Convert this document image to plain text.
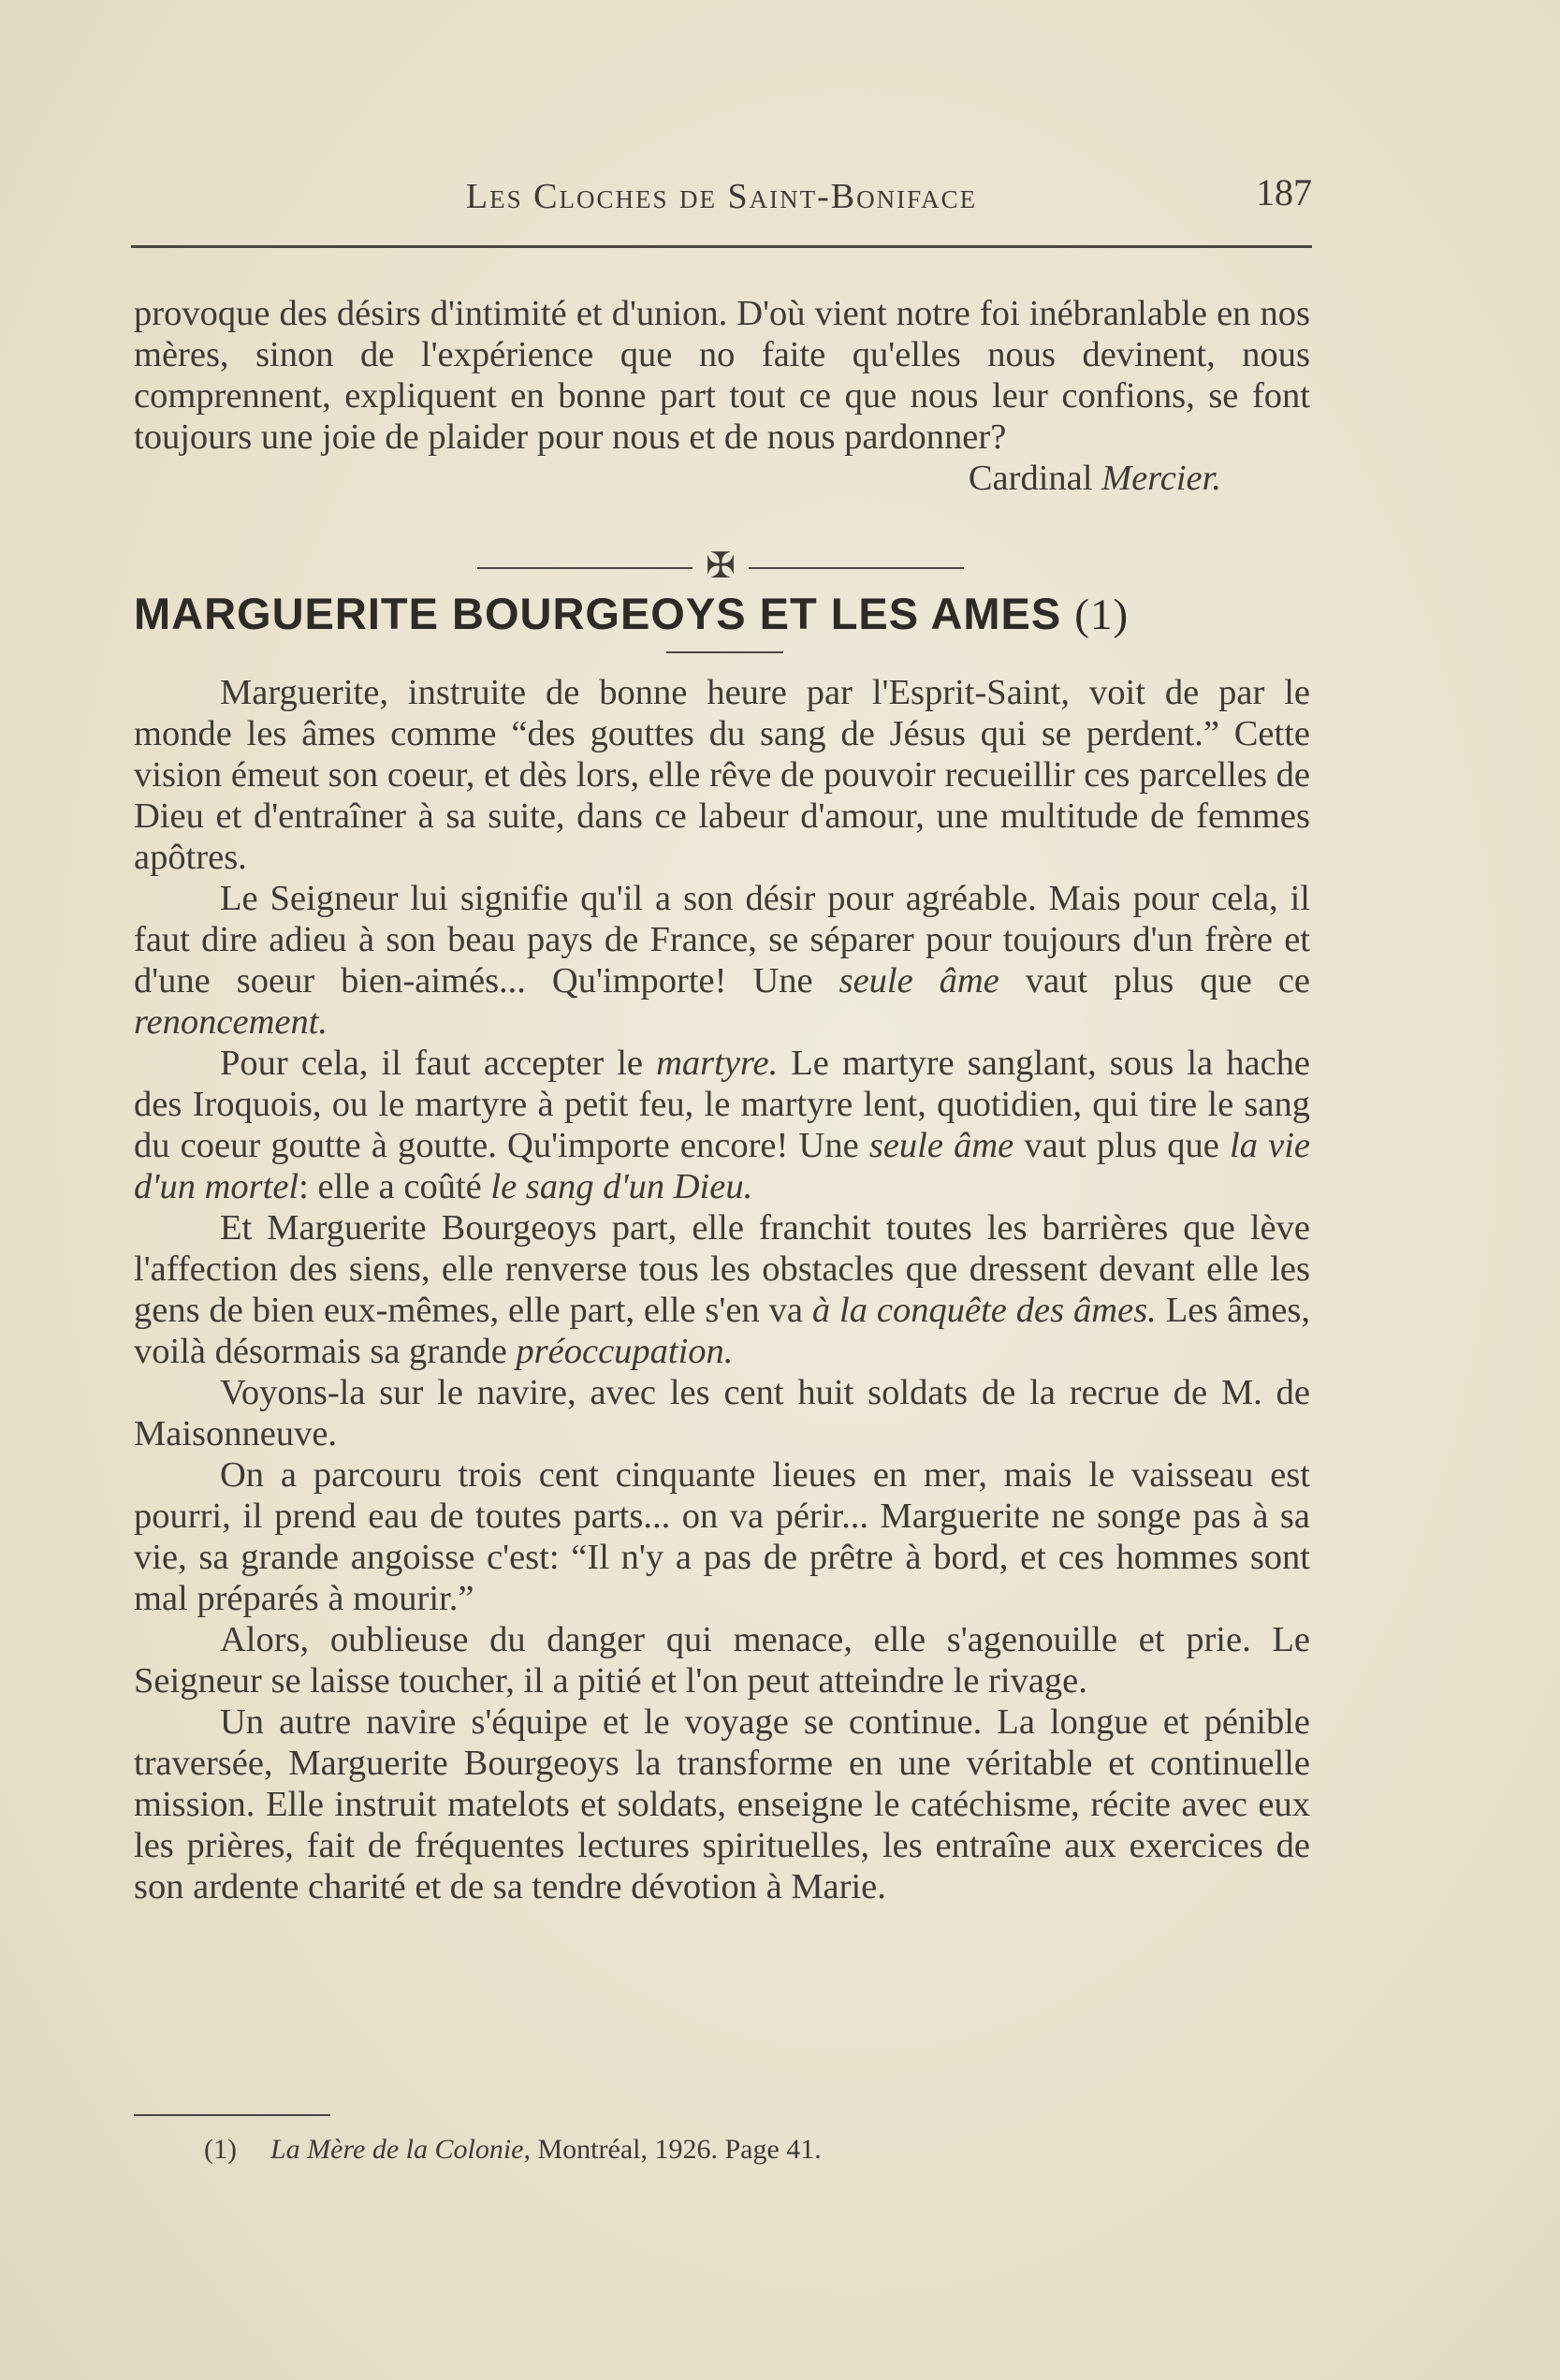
Les Cloches de Saint-Boniface	187

provoque des désirs d'intimité et d'union. D'où vient notre foi inébranlable en nos mères, sinon de l'expérience que no faite qu'elles nous devinent, nous comprennent, expliquent en bonne part tout ce que nous leur confions, se font toujours une joie de plaider pour nous et de nous pardonner?

Cardinal Mercier.

✠
MARGUERITE BOURGEOYS ET LES AMES (1)

Marguerite, instruite de bonne heure par l'Esprit-Saint, voit de par le monde les âmes comme “des gouttes du sang de Jésus qui se perdent.” Cette vision émeut son coeur, et dès lors, elle rêve de pouvoir recueillir ces parcelles de Dieu et d'entraîner à sa suite, dans ce labeur d'amour, une multitude de femmes apôtres.

Le Seigneur lui signifie qu'il a son désir pour agréable. Mais pour cela, il faut dire adieu à son beau pays de France, se séparer pour toujours d'un frère et d'une soeur bien-aimés... Qu'importe! Une seule âme vaut plus que ce renoncement.

Pour cela, il faut accepter le martyre. Le martyre sanglant, sous la hache des Iroquois, ou le martyre à petit feu, le martyre lent, quotidien, qui tire le sang du coeur goutte à goutte. Qu'importe encore! Une seule âme vaut plus que la vie d'un mortel: elle a coûté le sang d'un Dieu.

Et Marguerite Bourgeoys part, elle franchit toutes les barrières que lève l'affection des siens, elle renverse tous les obstacles que dressent devant elle les gens de bien eux-mêmes, elle part, elle s'en va à la conquête des âmes. Les âmes, voilà désormais sa grande préoccupation.

Voyons-la sur le navire, avec les cent huit soldats de la recrue de M. de Maisonneuve.

On a parcouru trois cent cinquante lieues en mer, mais le vaisseau est pourri, il prend eau de toutes parts... on va périr... Marguerite ne songe pas à sa vie, sa grande angoisse c'est: “Il n'y a pas de prêtre à bord, et ces hommes sont mal préparés à mourir.”

Alors, oublieuse du danger qui menace, elle s'agenouille et prie. Le Seigneur se laisse toucher, il a pitié et l'on peut atteindre le rivage.

Un autre navire s'équipe et le voyage se continue. La longue et pénible traversée, Marguerite Bourgeoys la transforme en une véritable et continuelle mission. Elle instruit matelots et soldats, enseigne le catéchisme, récite avec eux les prières, fait de fréquentes lectures spirituelles, les entraîne aux exercices de son ardente charité et de sa tendre dévotion à Marie.

(1) La Mère de la Colonie, Montréal, 1926. Page 41.
